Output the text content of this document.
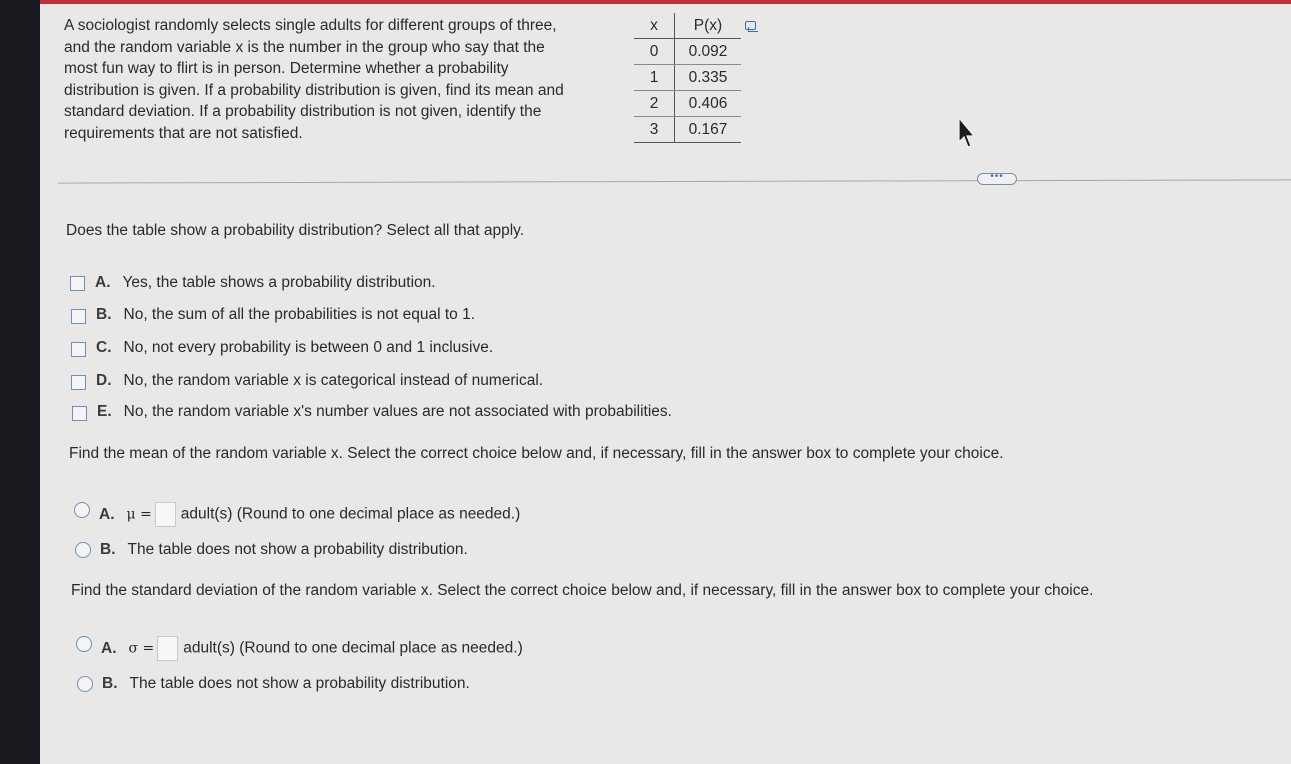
A sociologist randomly selects single adults for different groups of three,
and the random variable x is the number in the group who say that the
most fun way to flirt is in person. Determine whether a probability
distribution is given. If a probability distribution is given, find its mean and
standard deviation. If a probability distribution is not given, identify the
requirements that are not satisfied.
x	P(x)
0	0.092
1	0.335
2	0.406
3	0.167
•••
Does the table show a probability distribution? Select all that apply.
A. Yes, the table shows a probability distribution.
B. No, the sum of all the probabilities is not equal to 1.
C. No, not every probability is between 0 and 1 inclusive.
D. No, the random variable x is categorical instead of numerical.
E. No, the random variable x's number values are not associated with probabilities.
Find the mean of the random variable x. Select the correct choice below and, if necessary, fill in the answer box to complete your choice.
A. μ = adult(s) (Round to one decimal place as needed.)
B. The table does not show a probability distribution.
Find the standard deviation of the random variable x. Select the correct choice below and, if necessary, fill in the answer box to complete your choice.
A. σ = adult(s) (Round to one decimal place as needed.)
B. The table does not show a probability distribution.
